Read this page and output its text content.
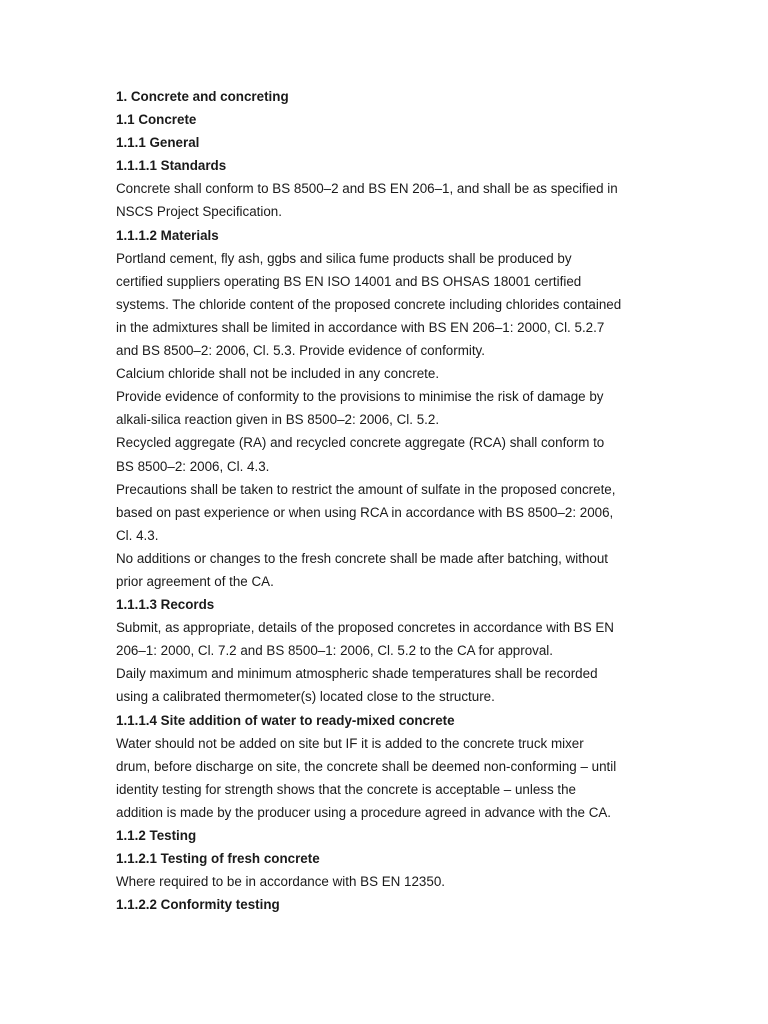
1. Concrete and concreting
1.1 Concrete
1.1.1 General
1.1.1.1 Standards
Concrete shall conform to BS 8500–2 and BS EN 206–1, and shall be as specified in
NSCS Project Specification.
1.1.1.2 Materials
Portland cement, fly ash, ggbs and silica fume products shall be produced by
certified suppliers operating BS EN ISO 14001 and BS OHSAS 18001 certified
systems. The chloride content of the proposed concrete including chlorides contained
in the admixtures shall be limited in accordance with BS EN 206–1: 2000, Cl. 5.2.7
and BS 8500–2: 2006, Cl. 5.3. Provide evidence of conformity.
Calcium chloride shall not be included in any concrete.
Provide evidence of conformity to the provisions to minimise the risk of damage by
alkali-silica reaction given in BS 8500–2: 2006, Cl. 5.2.
Recycled aggregate (RA) and recycled concrete aggregate (RCA) shall conform to
BS 8500–2: 2006, Cl. 4.3.
Precautions shall be taken to restrict the amount of sulfate in the proposed concrete,
based on past experience or when using RCA in accordance with BS 8500–2: 2006,
Cl. 4.3.
No additions or changes to the fresh concrete shall be made after batching, without
prior agreement of the CA.
1.1.1.3 Records
Submit, as appropriate, details of the proposed concretes in accordance with BS EN
206–1: 2000, Cl. 7.2 and BS 8500–1: 2006, Cl. 5.2 to the CA for approval.
Daily maximum and minimum atmospheric shade temperatures shall be recorded
using a calibrated thermometer(s) located close to the structure.
1.1.1.4 Site addition of water to ready-mixed concrete
Water should not be added on site but IF it is added to the concrete truck mixer
drum, before discharge on site, the concrete shall be deemed non-conforming – until
identity testing for strength shows that the concrete is acceptable – unless the
addition is made by the producer using a procedure agreed in advance with the CA.
1.1.2 Testing
1.1.2.1 Testing of fresh concrete
Where required to be in accordance with BS EN 12350.
1.1.2.2 Conformity testing
